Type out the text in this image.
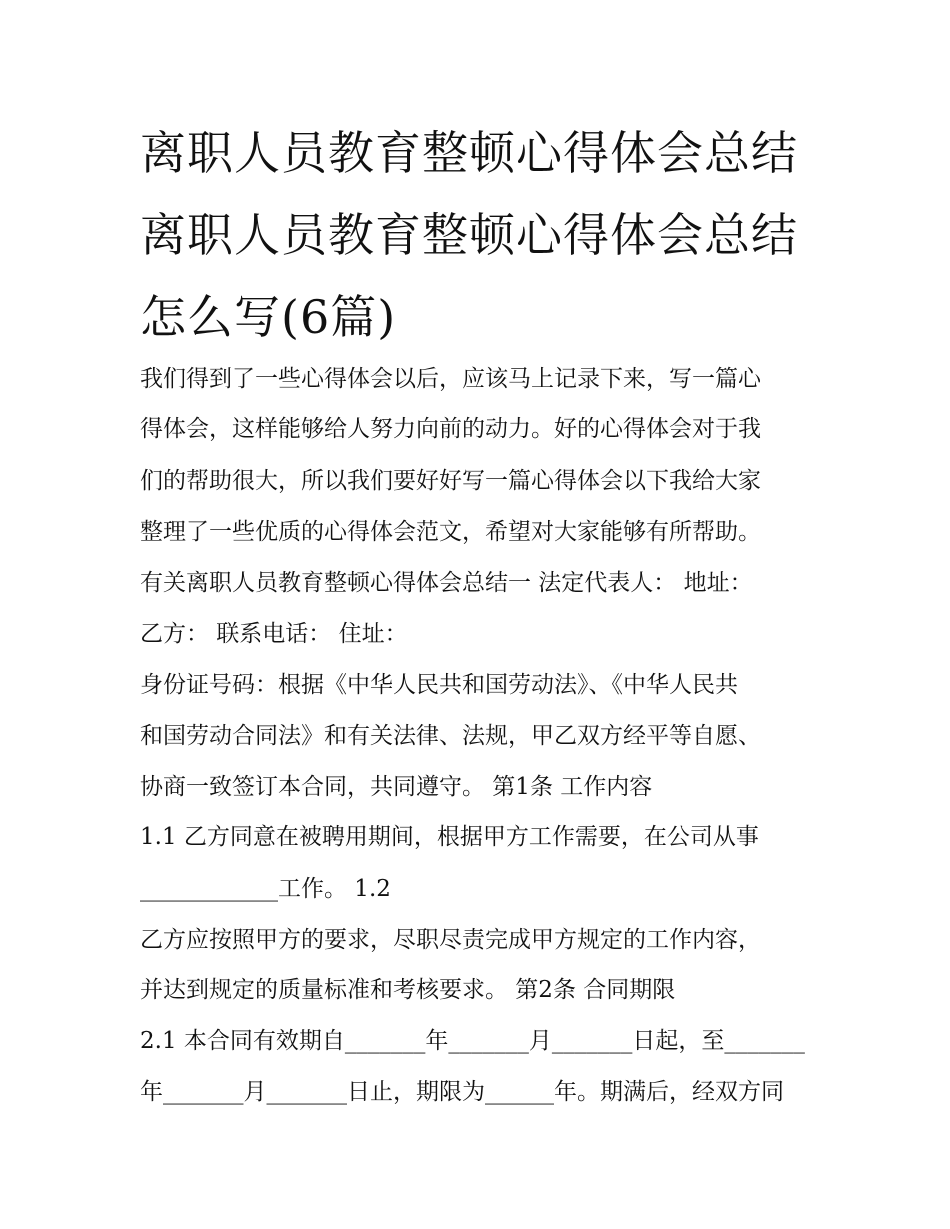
离职人员教育整顿心得体会总结 离职人员教育整顿心得体会总结怎么写(6篇)

我们得到了一些心得体会以后，应该马上记录下来，写一篇心

得体会，这样能够给人努力向前的动力。好的心得体会对于我

们的帮助很大，所以我们要好好写一篇心得体会以下我给大家

整理了一些优质的心得体会范文，希望对大家能够有所帮助。

有关离职人员教育整顿心得体会总结一 法定代表人： 地址：

乙方： 联系电话： 住址：

身份证号码：根据《中华人民共和国劳动法》、《中华人民共

和国劳动合同法》和有关法律、法规，甲乙双方经平等自愿、

协商一致签订本合同，共同遵守。 第1条 工作内容

1.1 乙方同意在被聘用期间，根据甲方工作需要，在公司从事

____________工作。 1.2

乙方应按照甲方的要求，尽职尽责完成甲方规定的工作内容，

并达到规定的质量标准和考核要求。 第2条 合同期限

2.1 本合同有效期自_______年_______月_______日起，至_______

年_______月_______日止，期限为______年。期满后，经双方同
